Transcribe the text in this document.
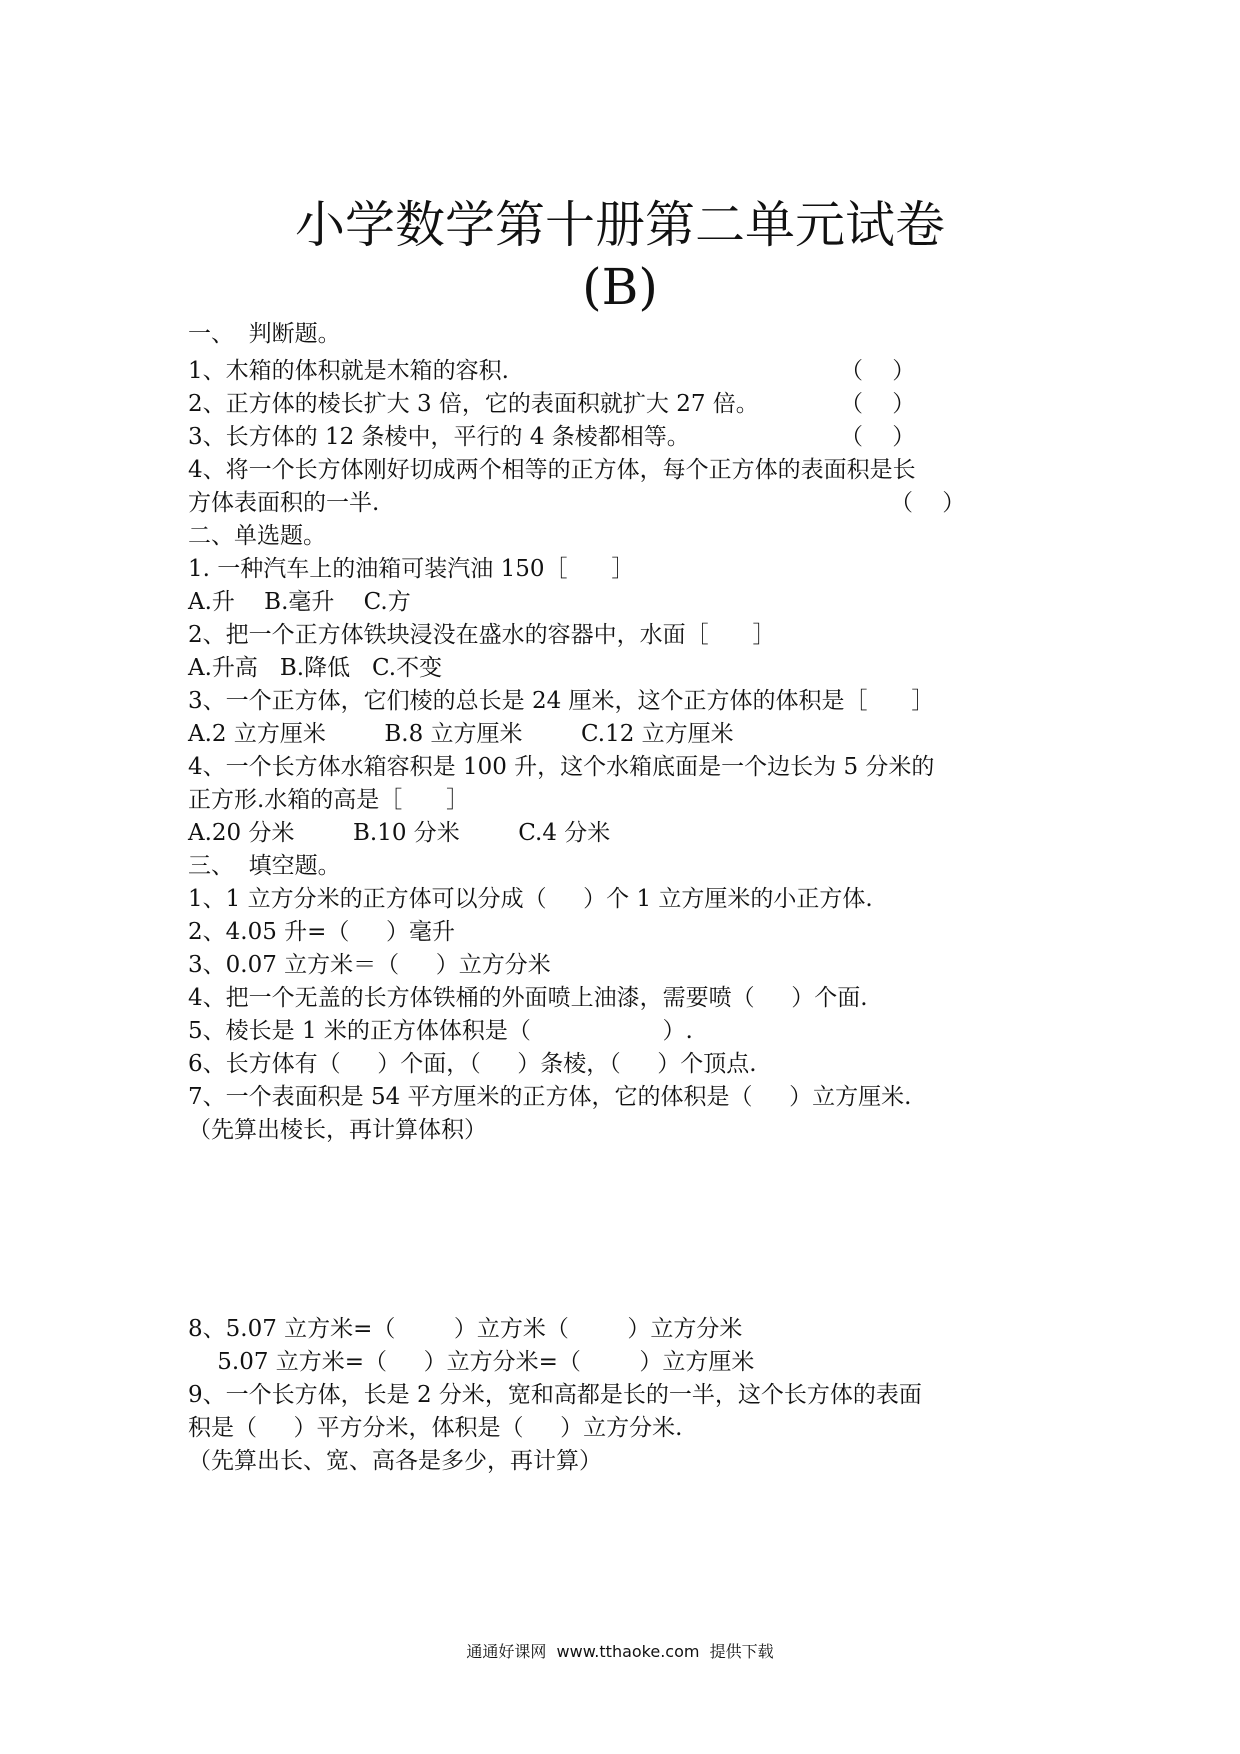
小学数学第十册第二单元试卷
(B)
一、  判断题。
1、木箱的体积就是木箱的容积.	（    ）
2、正方体的棱长扩大 3 倍，它的表面积就扩大 27 倍。	（    ）
3、长方体的 12 条棱中，平行的 4 条棱都相等。	（    ）
4、将一个长方体刚好切成两个相等的正方体，每个正方体的表面积是长
方体表面积的一半.	（    ）
二、单选题。
1. 一种汽车上的油箱可装汽油 150［      ］
A.升    B.毫升    C.方
2、把一个正方体铁块浸没在盛水的容器中，水面［      ］
A.升高   B.降低   C.不变
3、一个正方体，它们棱的总长是 24 厘米，这个正方体的体积是［      ］
A.2 立方厘米        B.8 立方厘米        C.12 立方厘米
4、一个长方体水箱容积是 100 升，这个水箱底面是一个边长为 5 分米的
正方形.水箱的高是［      ］
A.20 分米        B.10 分米        C.4 分米
三、  填空题。
1、1 立方分米的正方体可以分成（     ）个 1 立方厘米的小正方体.
2、4.05 升=（     ）毫升
3、0.07 立方米＝（     ）立方分米
4、把一个无盖的长方体铁桶的外面喷上油漆，需要喷（     ）个面.
5、棱长是 1 米的正方体体积是（                  ）.
6、长方体有（     ）个面，（     ）条棱，（     ）个顶点.
7、一个表面积是 54 平方厘米的正方体，它的体积是（     ）立方厘米.
（先算出棱长，再计算体积）
8、5.07 立方米=（        ）立方米（        ）立方分米
5.07 立方米=（     ）立方分米=（        ）立方厘米
9、一个长方体，长是 2 分米，宽和高都是长的一半，这个长方体的表面
积是（     ）平方分米，体积是（     ）立方分米.
（先算出长、宽、高各是多少，再计算）
通通好课网  www.tthaoke.com  提供下载
